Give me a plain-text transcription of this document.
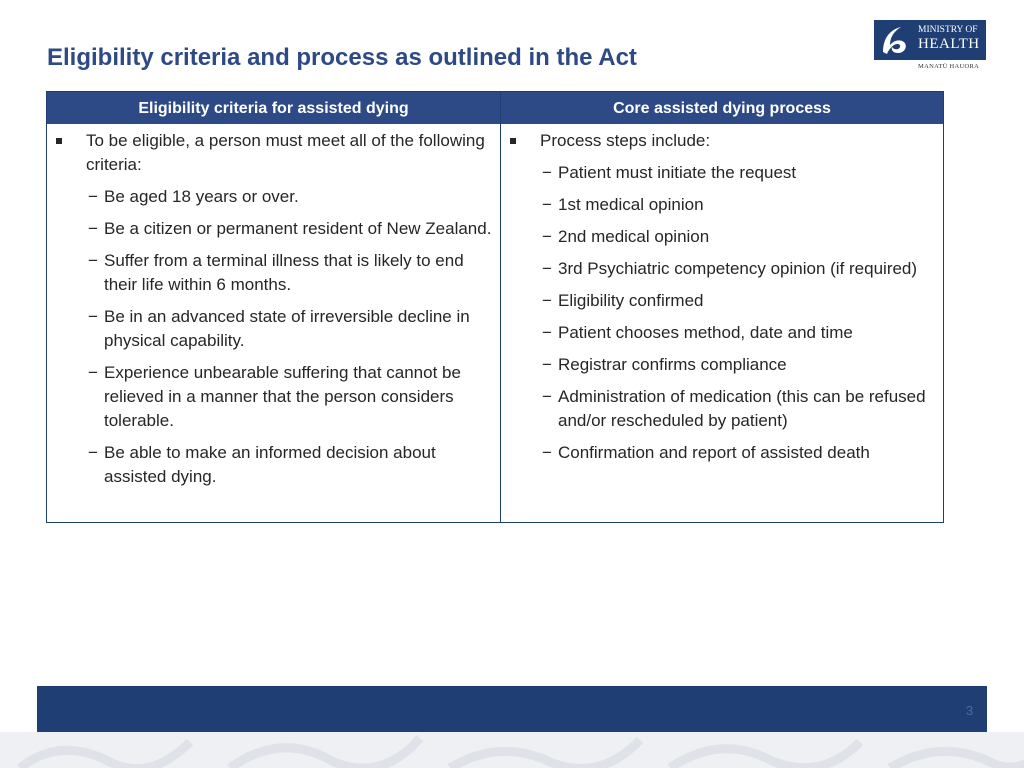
Eligibility criteria and process as outlined in the Act
MINISTRY OF
HEALTH
MANATŪ HAUORA
Eligibility criteria for assisted dying
To be eligible, a person must meet all of the following criteria:
− Be aged 18 years or over.
− Be a citizen or permanent resident of New Zealand.
− Suffer from a terminal illness that is likely to end their life within 6 months.
− Be in an advanced state of irreversible decline in physical capability.
− Experience unbearable suffering that cannot be relieved in a manner that the person considers tolerable.
− Be able to make an informed decision about assisted dying.
Core assisted dying process
Process steps include:
− Patient must initiate the request
− 1st medical opinion
− 2nd medical opinion
− 3rd Psychiatric competency opinion (if required)
− Eligibility confirmed
− Patient chooses method, date and time
− Registrar confirms compliance
− Administration of medication (this can be refused and/or rescheduled by patient)
− Confirmation and report of assisted death
3
